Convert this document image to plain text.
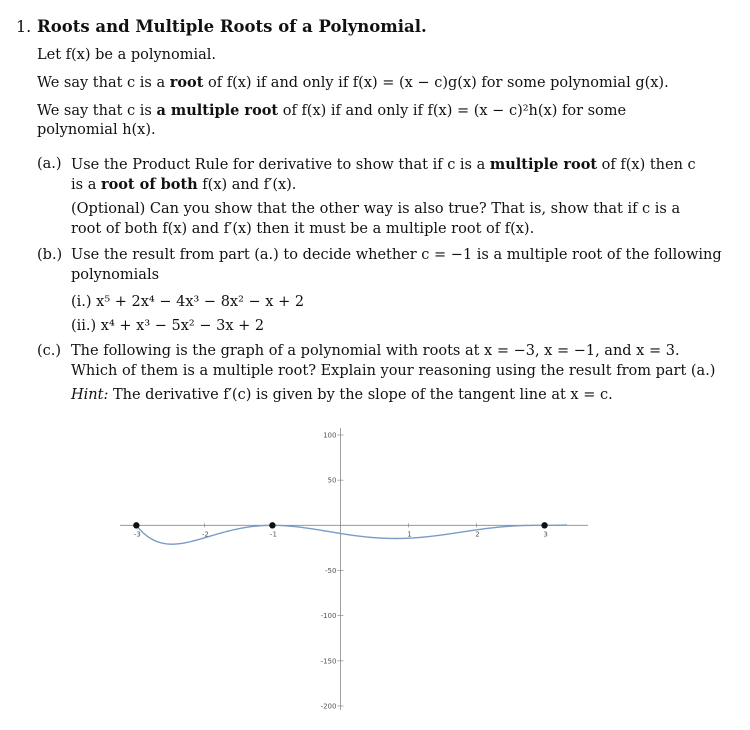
1. Roots and Multiple Roots of a Polynomial.
Let f(x) be a polynomial.
We say that c is a root of f(x) if and only if f(x) = (x − c)g(x) for some polynomial g(x).
We say that c is a multiple root of f(x) if and only if f(x) = (x − c)²h(x) for some
polynomial h(x).
(a.) Use the Product Rule for derivative to show that if c is a multiple root of f(x) then c
is a root of both f(x) and f′(x).
(Optional) Can you show that the other way is also true? That is, show that if c is a
root of both f(x) and f′(x) then it must be a multiple root of f(x).
(b.) Use the result from part (a.) to decide whether c = −1 is a multiple root of the following
polynomials
(i.) x⁵ + 2x⁴ − 4x³ − 8x² − x + 2
(ii.) x⁴ + x³ − 5x² − 3x + 2
(c.) The following is the graph of a polynomial with roots at x = −3, x = −1, and x = 3.
Which of them is a multiple root? Explain your reasoning using the result from part (a.)
Hint: The derivative f′(c) is given by the slope of the tangent line at x = c.
-3	-2	-1	1	2	3
100
50
-50
-100
-150
-200
